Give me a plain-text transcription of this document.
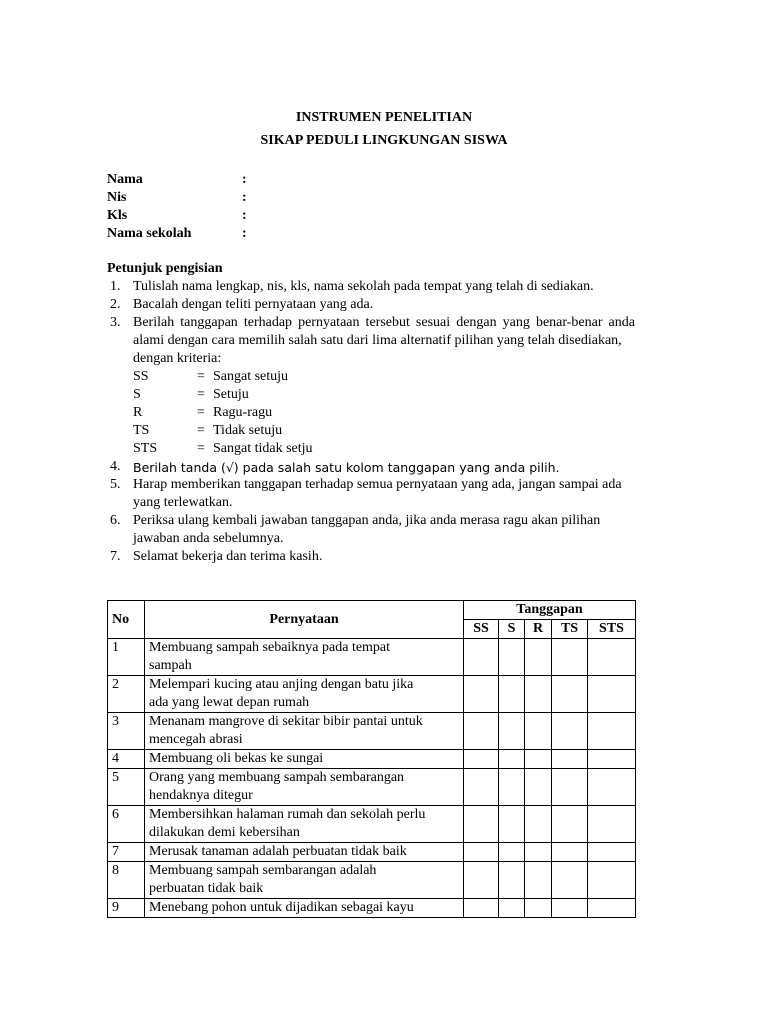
INSTRUMEN PENELITIAN
SIKAP PEDULI LINGKUNGAN SISWA
Nama	:
Nis	:
Kls	:
Nama sekolah	:
Petunjuk pengisian
1. Tulislah nama lengkap, nis, kls, nama sekolah pada tempat yang telah di sediakan.
2. Bacalah dengan teliti pernyataan yang ada.
3. Berilah tanggapan terhadap pernyataan tersebut sesuai dengan yang benar-benar anda
alami dengan cara memilih salah satu dari lima alternatif pilihan yang telah disediakan,
dengan kriteria:
SS	= Sangat setuju
S	= Setuju
R	= Ragu-ragu
TS	= Tidak setuju
STS	= Sangat tidak setju
4. Berilah tanda (√) pada salah satu kolom tanggapan yang anda pilih.
5. Harap memberikan tanggapan terhadap semua pernyataan yang ada, jangan sampai ada
yang terlewatkan.
6. Periksa ulang kembali jawaban tanggapan anda, jika anda merasa ragu akan pilihan
jawaban anda sebelumnya.
7. Selamat bekerja dan terima kasih.
No	Pernyataan	Tanggapan				
		SS	S	R	TS	STS
1	Membuang sampah sebaiknya pada tempat
sampah					

2	Melempari kucing atau anjing dengan batu jika
ada yang lewat depan rumah					

3	Menanam mangrove di sekitar bibir pantai untuk
mencegah abrasi					

4	Membuang oli bekas ke sungai					

5	Orang yang membuang sampah sembarangan
hendaknya ditegur					

6	Membersihkan halaman rumah dan sekolah perlu
dilakukan demi kebersihan					

7	Merusak tanaman adalah perbuatan tidak baik					

8	Membuang sampah sembarangan adalah
perbuatan tidak baik					

9	Menebang pohon untuk dijadikan sebagai kayu					
